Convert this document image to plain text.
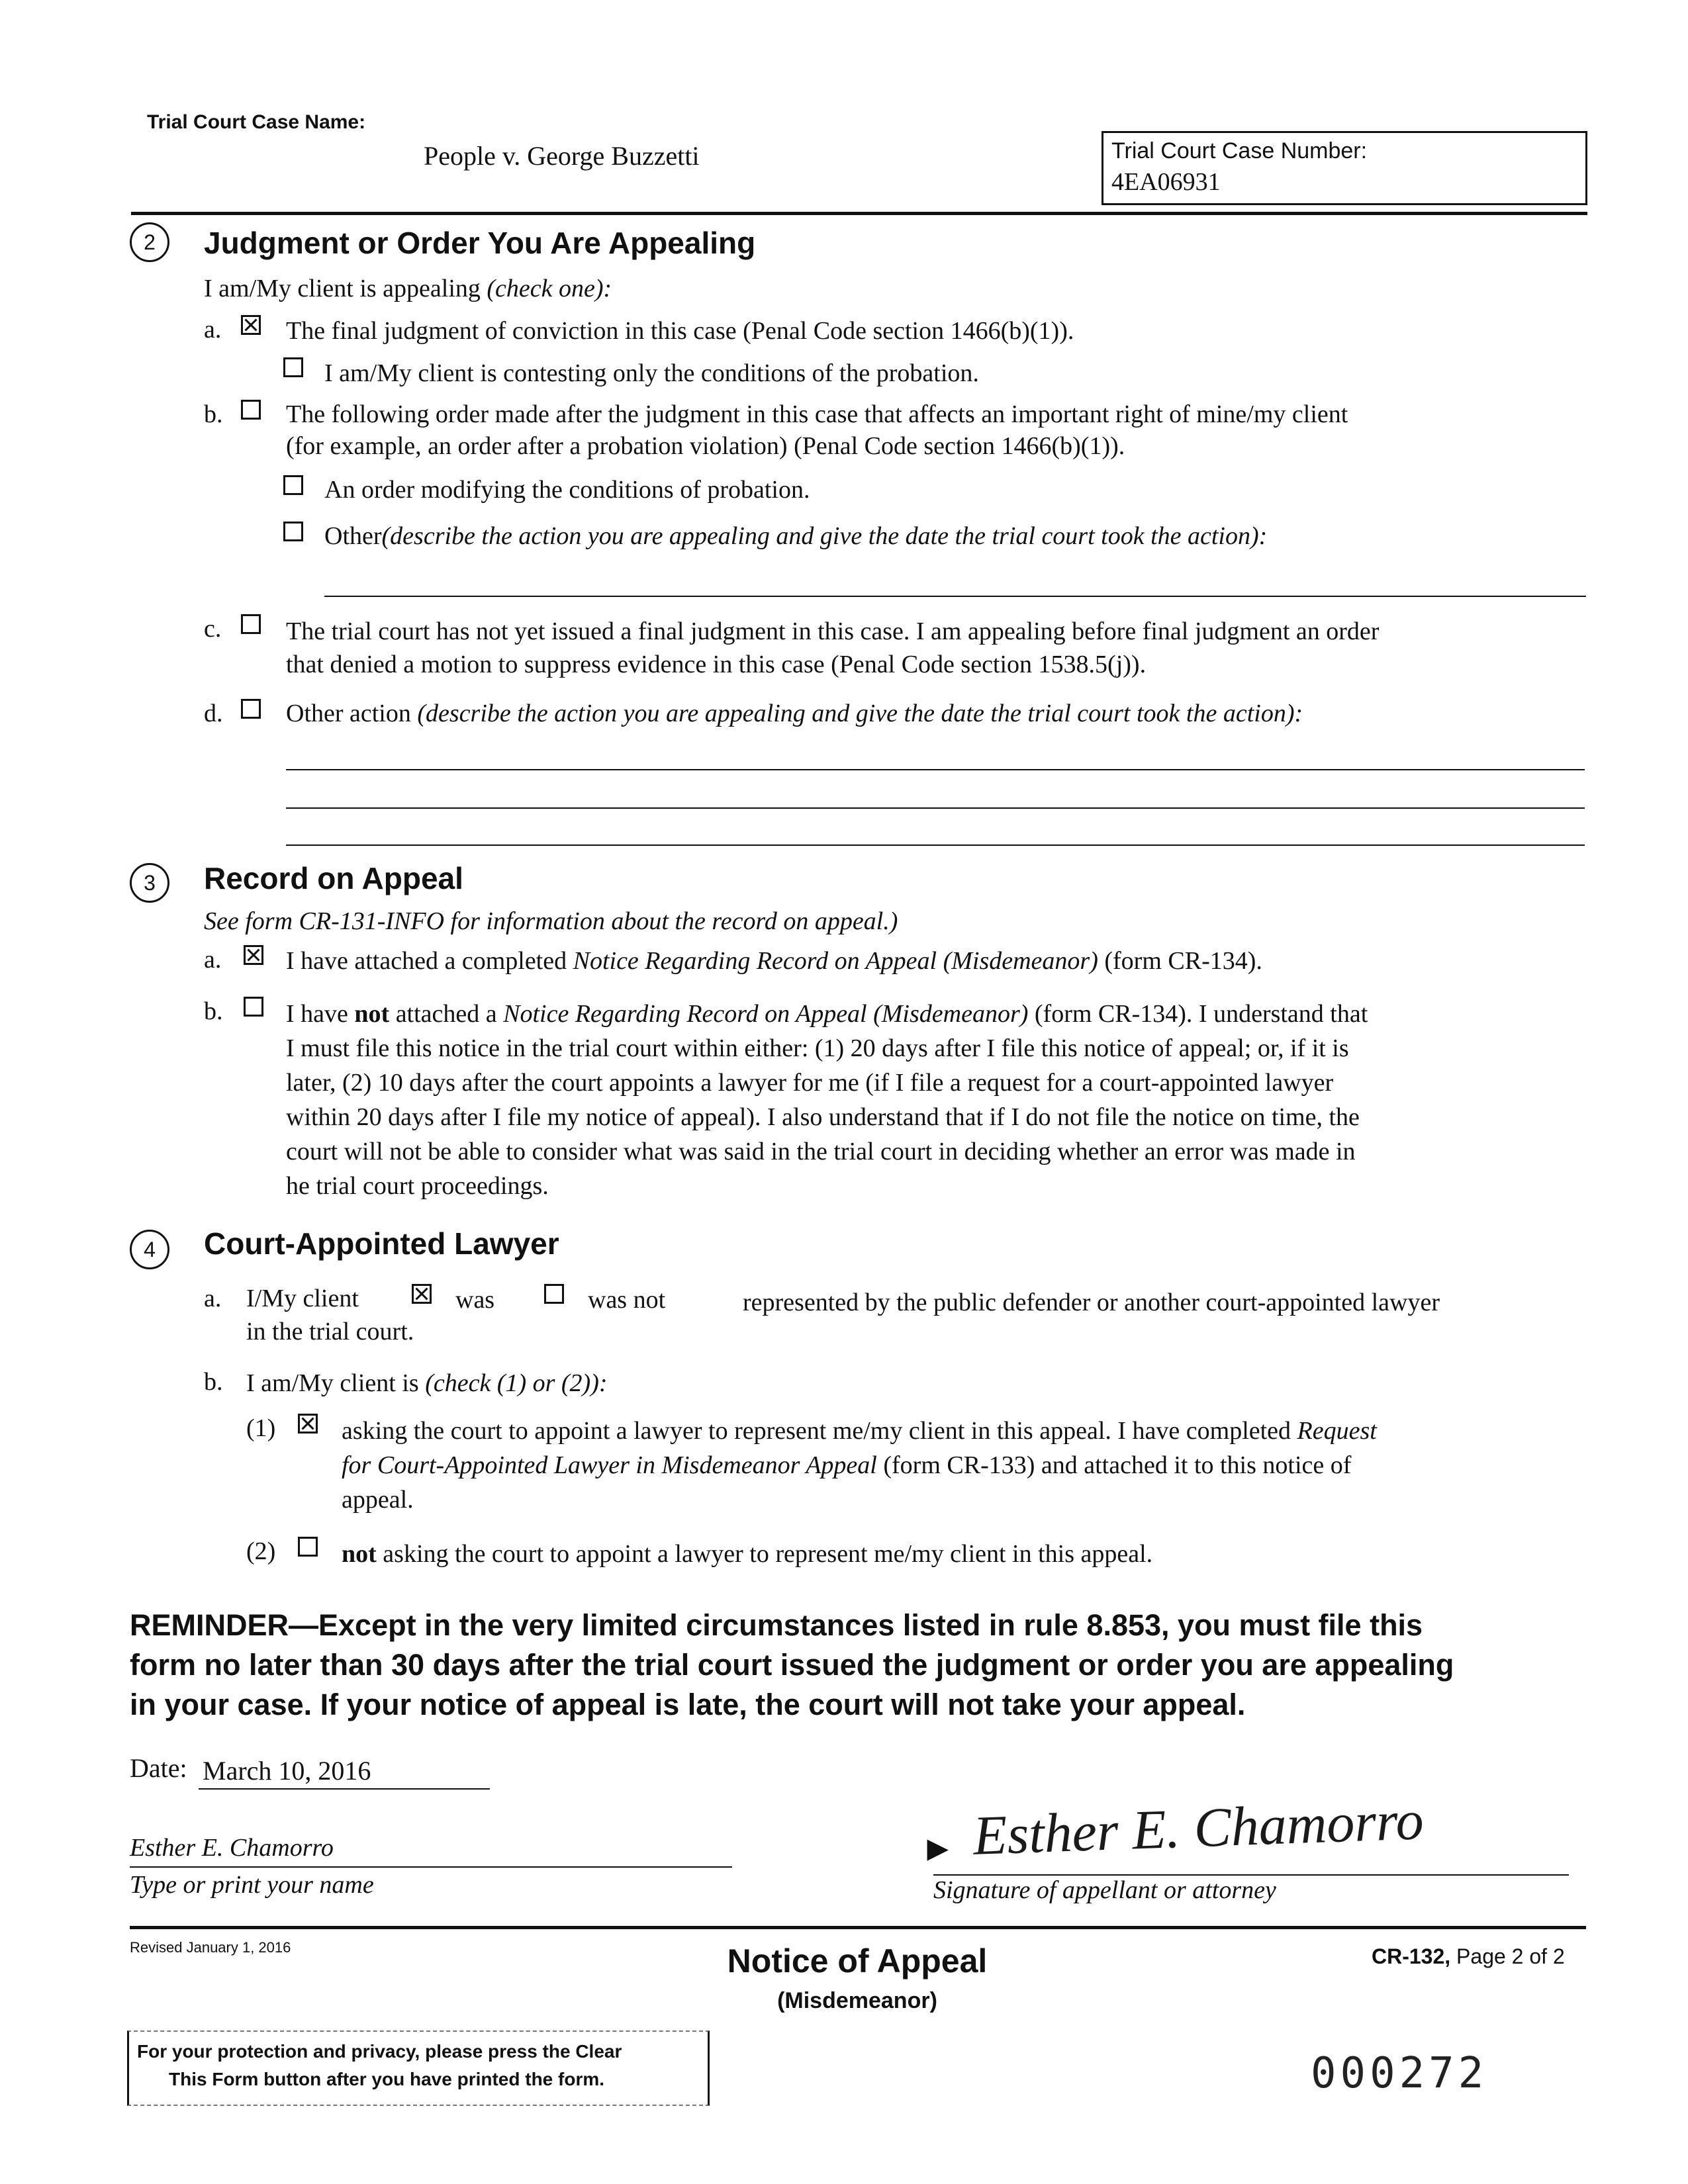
Trial Court Case Name:
People v. George Buzzetti	Trial Court Case Number:
4EA06931
2	Judgment or Order You Are Appealing
I am/My client is appealing (check one):
a.	The final judgment of conviction in this case (Penal Code section 1466(b)(1)).
I am/My client is contesting only the conditions of the probation.
b.	The following order made after the judgment in this case that affects an important right of mine/my client
(for example, an order after a probation violation) (Penal Code section 1466(b)(1)).
An order modifying the conditions of probation.
Other(describe the action you are appealing and give the date the trial court took the action):
c.	The trial court has not yet issued a final judgment in this case. I am appealing before final judgment an order
that denied a motion to suppress evidence in this case (Penal Code section 1538.5(j)).
d.	Other action (describe the action you are appealing and give the date the trial court took the action):
3	Record on Appeal
See form CR-131-INFO for information about the record on appeal.)
a.	I have attached a completed Notice Regarding Record on Appeal (Misdemeanor) (form CR-134).
b.	I have not attached a Notice Regarding Record on Appeal (Misdemeanor) (form CR-134). I understand that
I must file this notice in the trial court within either: (1) 20 days after I file this notice of appeal; or, if it is
later, (2) 10 days after the court appoints a lawyer for me (if I file a request for a court-appointed lawyer
within 20 days after I file my notice of appeal). I also understand that if I do not file the notice on time, the
court will not be able to consider what was said in the trial court in deciding whether an error was made in
he trial court proceedings.
4	Court-Appointed Lawyer
a. I/My client	was	was not	represented by the public defender or another court-appointed lawyer
in the trial court.
b. I am/My client is (check (1) or (2)):
(1)	asking the court to appoint a lawyer to represent me/my client in this appeal. I have completed Request
for Court-Appointed Lawyer in Misdemeanor Appeal (form CR-133) and attached it to this notice of
appeal.
(2)	not asking the court to appoint a lawyer to represent me/my client in this appeal.
REMINDER—Except in the very limited circumstances listed in rule 8.853, you must file this
form no later than 30 days after the trial court issued the judgment or order you are appealing
in your case. If your notice of appeal is late, the court will not take your appeal.
Date: March 10, 2016
Esther E. Chamorro
Type or print your name
► Esther E. Chamorro
Signature of appellant or attorney
Revised January 1, 2016	Notice of Appeal
(Misdemeanor)
CR-132, Page 2 of 2
For your protection and privacy, please press the Clear
This Form button after you have printed the form.	000272
